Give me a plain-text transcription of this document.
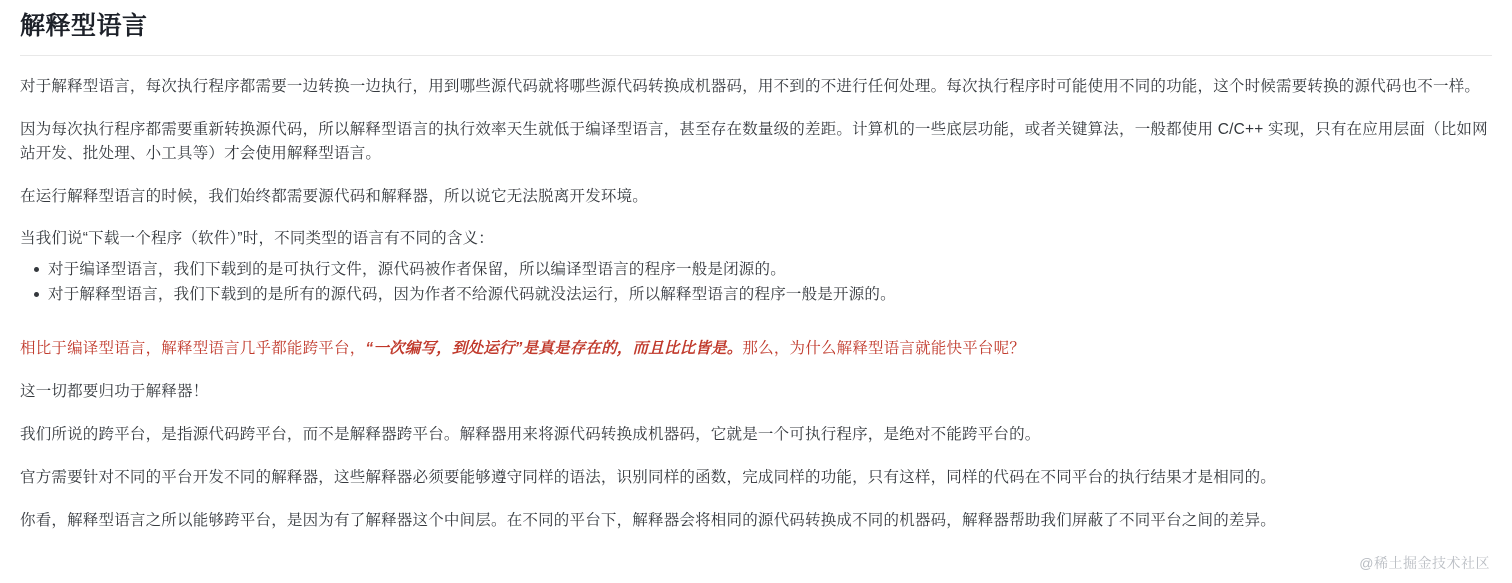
解释型语言

对于解释型语言，每次执行程序都需要一边转换一边执行，用到哪些源代码就将哪些源代码转换成机器码，用不到的不进行任何处理。每次执行程序时可能使用不同的功能，这个时候需要转换的源代码也不一样。

因为每次执行程序都需要重新转换源代码，所以解释型语言的执行效率天生就低于编译型语言，甚至存在数量级的差距。计算机的一些底层功能，或者关键算法，一般都使用 C/C++ 实现，只有在应用层面（比如网站开发、批处理、小工具等）才会使用解释型语言。

在运行解释型语言的时候，我们始终都需要源代码和解释器，所以说它无法脱离开发环境。

当我们说“下载一个程序（软件）”时，不同类型的语言有不同的含义：

对于编译型语言，我们下载到的是可执行文件，源代码被作者保留，所以编译型语言的程序一般是闭源的。
对于解释型语言，我们下载到的是所有的源代码，因为作者不给源代码就没法运行，所以解释型语言的程序一般是开源的。

相比于编译型语言，解释型语言几乎都能跨平台，“一次编写，到处运行”是真是存在的，而且比比皆是。那么，为什么解释型语言就能快平台呢？

这一切都要归功于解释器！

我们所说的跨平台，是指源代码跨平台，而不是解释器跨平台。解释器用来将源代码转换成机器码，它就是一个可执行程序，是绝对不能跨平台的。

官方需要针对不同的平台开发不同的解释器，这些解释器必须要能够遵守同样的语法，识别同样的函数，完成同样的功能，只有这样，同样的代码在不同平台的执行结果才是相同的。

你看，解释型语言之所以能够跨平台，是因为有了解释器这个中间层。在不同的平台下，解释器会将相同的源代码转换成不同的机器码，解释器帮助我们屏蔽了不同平台之间的差异。

@稀土掘金技术社区
